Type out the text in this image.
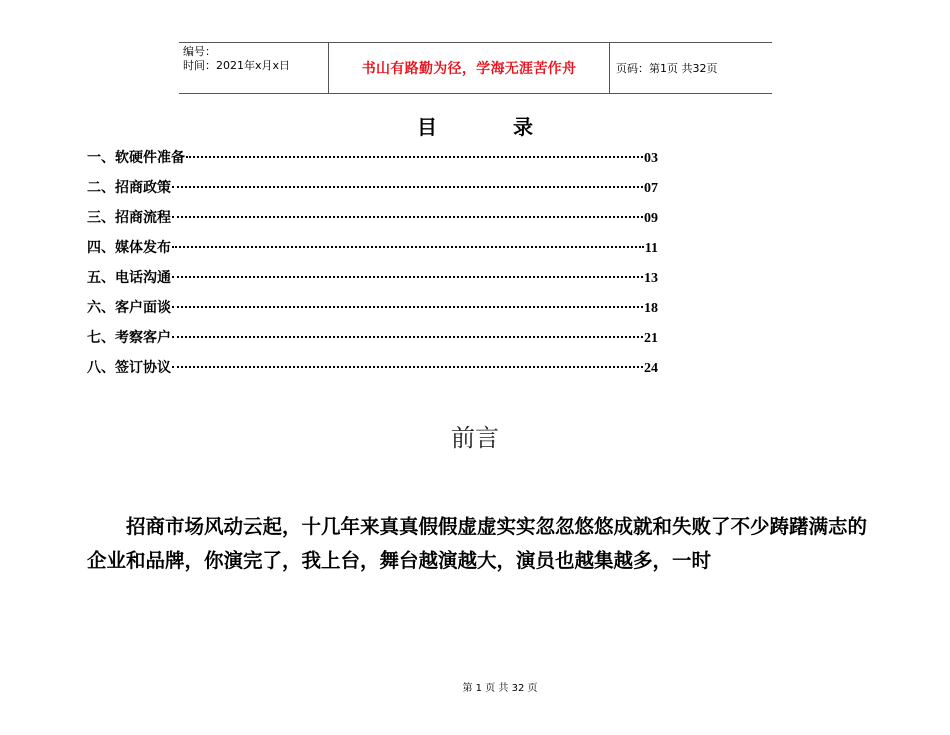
编号：
时间：2021年x月x日	书山有路勤为径，学海无涯苦作舟	页码：第1页 共32页
目	录
一、软硬件准备	03
二、招商政策	07
三、招商流程	09
四、媒体发布	11
五、电话沟通	13
六、客户面谈	18
七、考察客户	21
八、签订协议	24
前言
招商市场风动云起，十几年来真真假假虚虚实实忽忽悠悠成就和失败了不少踌躇满志的企业和品牌，你演完了，我上台，舞台越演越大，演员也越集越多，一时
第 1 页 共 32 页
